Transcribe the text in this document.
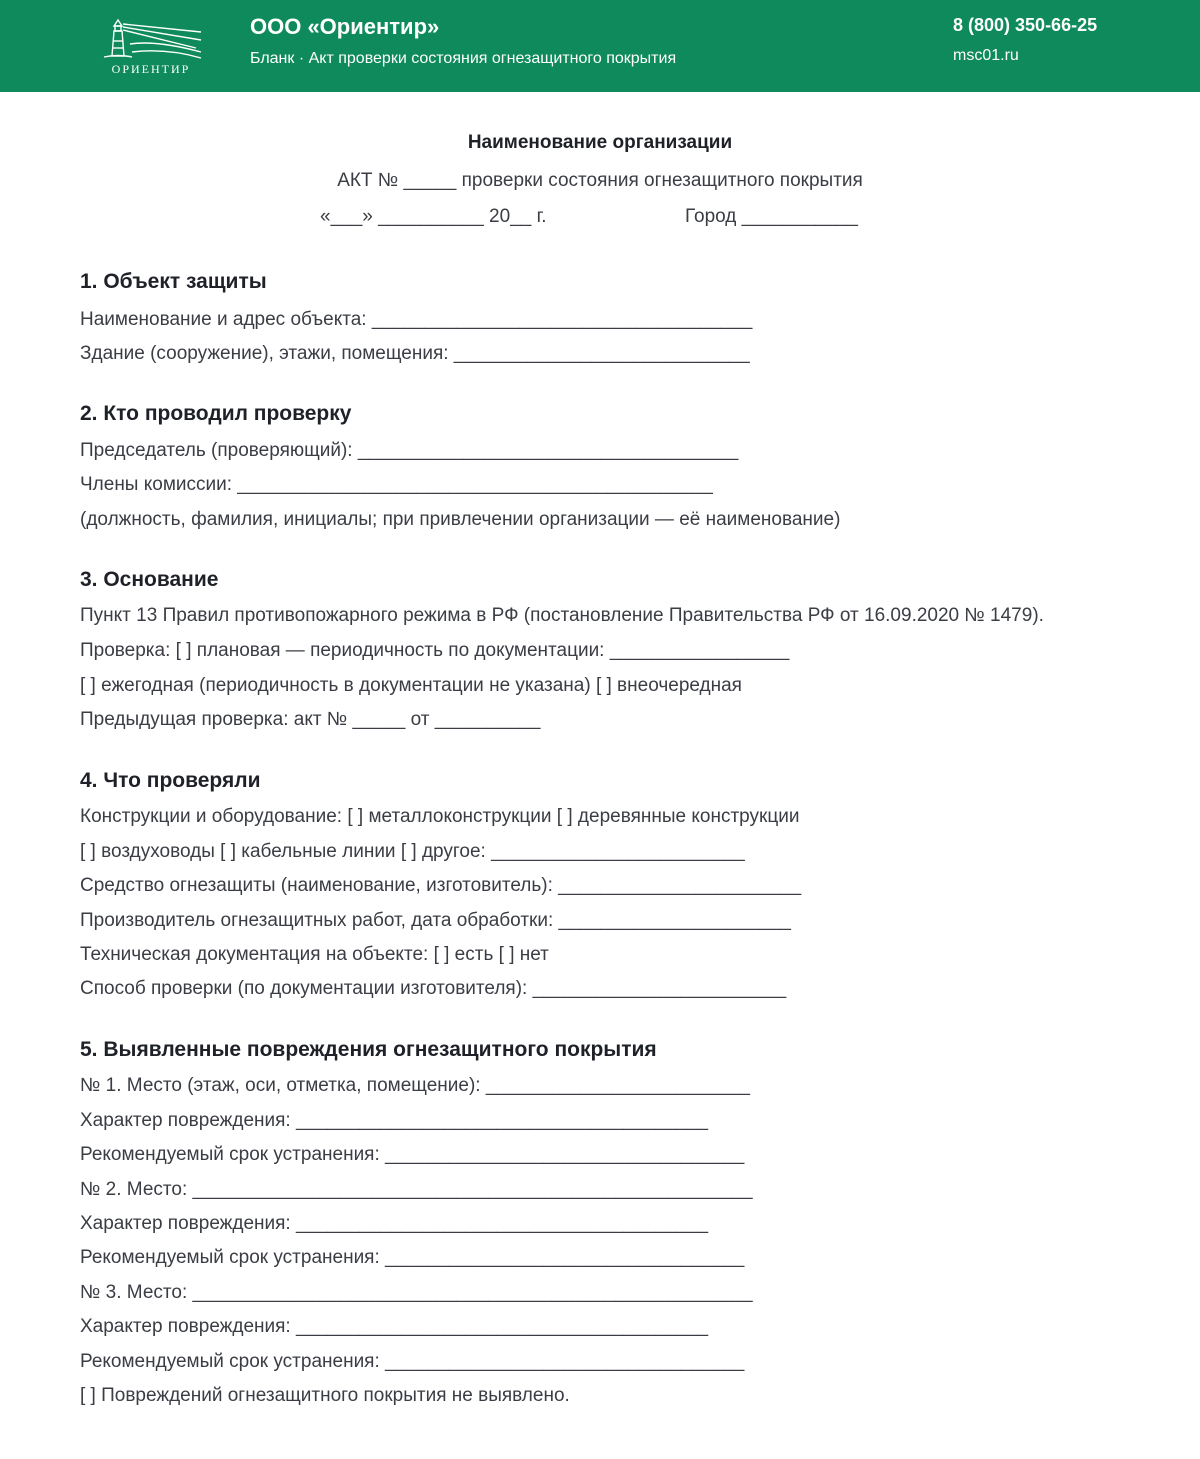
ОРИЕНТИР
ООО «Ориентир»
Бланк · Акт проверки состояния огнезащитного покрытия
8 (800) 350-66-25
msc01.ru
Наименование организации
АКТ № _____ проверки состояния огнезащитного покрытия
«___» __________ 20__ г.	Город ___________
1. Объект защиты
Наименование и адрес объекта: ____________________________________
Здание (сооружение), этажи, помещения: ____________________________
2. Кто проводил проверку
Председатель (проверяющий): ____________________________________
Члены комиссии: _____________________________________________
(должность, фамилия, инициалы; при привлечении организации — её наименование)
3. Основание
Пункт 13 Правил противопожарного режима в РФ (постановление Правительства РФ от 16.09.2020 № 1479).
Проверка: [ ] плановая — периодичность по документации: _________________
[ ] ежегодная (периодичность в документации не указана) [ ] внеочередная
Предыдущая проверка: акт № _____ от __________
4. Что проверяли
Конструкции и оборудование: [ ] металлоконструкции [ ] деревянные конструкции
[ ] воздуховоды [ ] кабельные линии [ ] другое: ________________________
Средство огнезащиты (наименование, изготовитель): _______________________
Производитель огнезащитных работ, дата обработки: ______________________
Техническая документация на объекте: [ ] есть [ ] нет
Способ проверки (по документации изготовителя): ________________________
5. Выявленные повреждения огнезащитного покрытия
№ 1. Место (этаж, оси, отметка, помещение): _________________________
Характер повреждения: _______________________________________
Рекомендуемый срок устранения: __________________________________
№ 2. Место: _____________________________________________________
Характер повреждения: _______________________________________
Рекомендуемый срок устранения: __________________________________
№ 3. Место: _____________________________________________________
Характер повреждения: _______________________________________
Рекомендуемый срок устранения: __________________________________
[ ] Повреждений огнезащитного покрытия не выявлено.
